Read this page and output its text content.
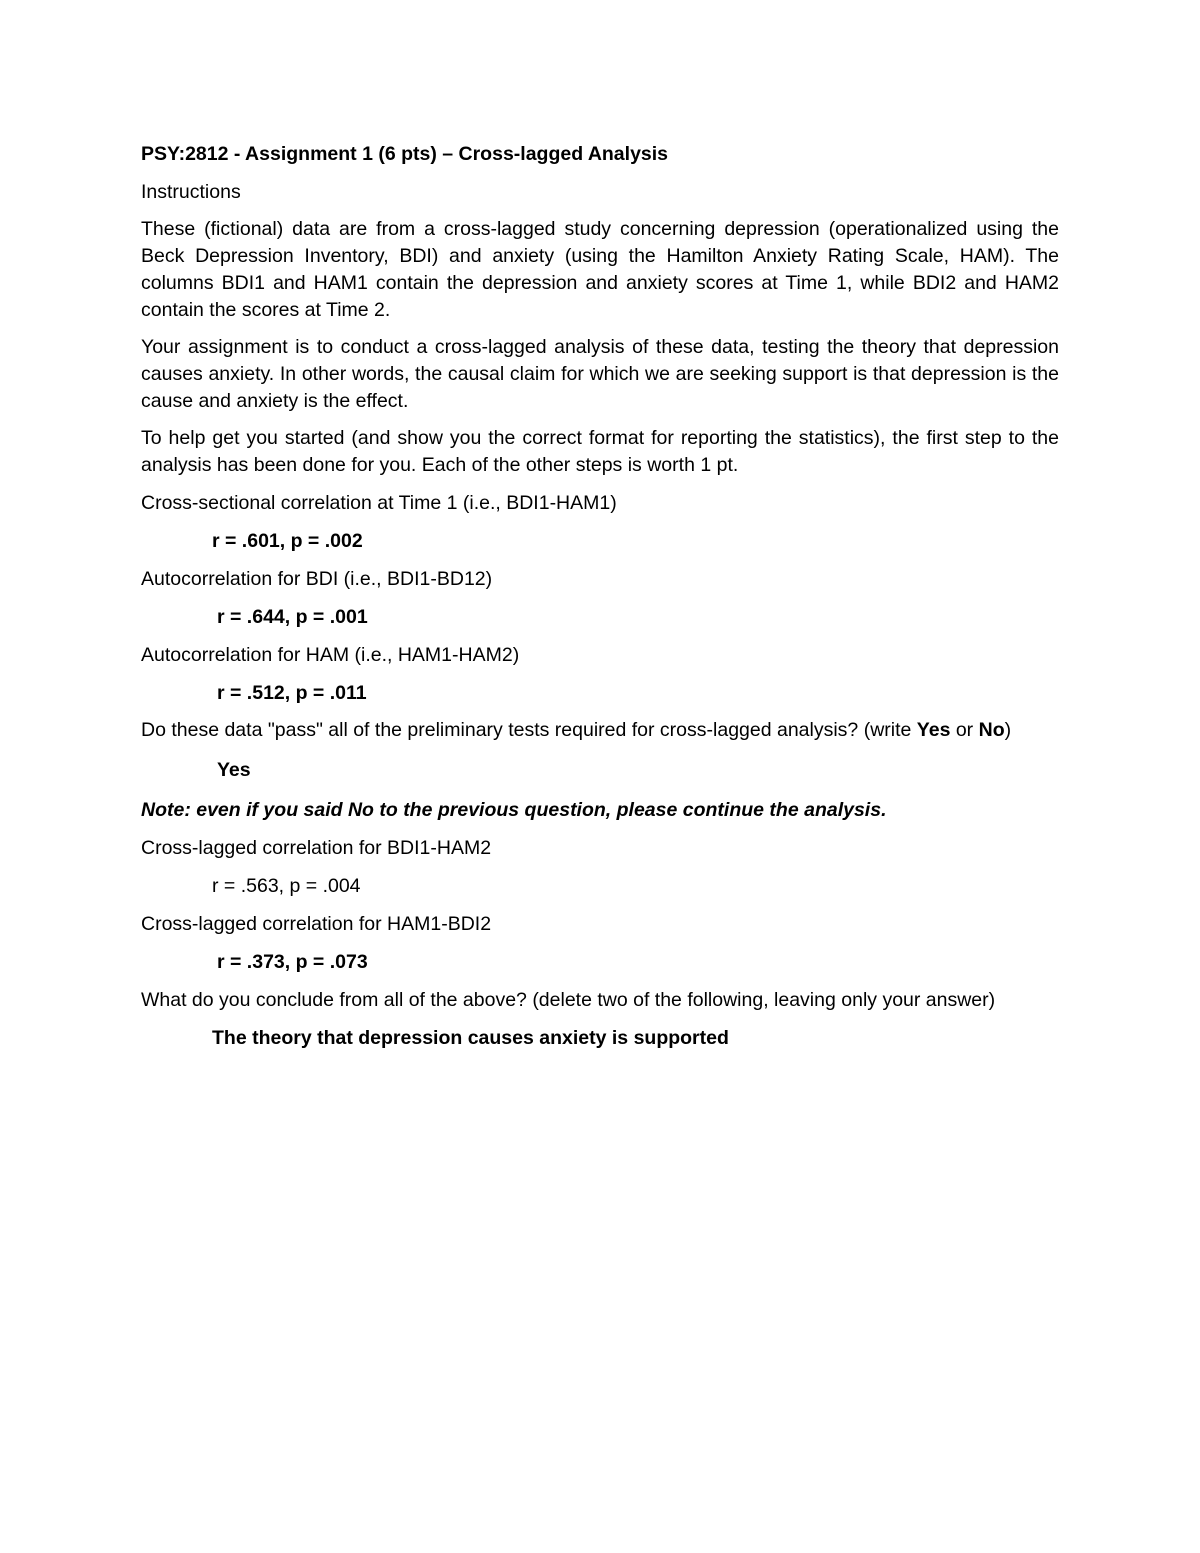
PSY:2812 - Assignment 1 (6 pts) – Cross-lagged Analysis
Instructions
These (fictional) data are from a cross-lagged study concerning depression (operationalized using the Beck Depression Inventory, BDI) and anxiety (using the Hamilton Anxiety Rating Scale, HAM). The columns BDI1 and HAM1 contain the depression and anxiety scores at Time 1, while BDI2 and HAM2 contain the scores at Time 2.
Your assignment is to conduct a cross-lagged analysis of these data, testing the theory that depression causes anxiety. In other words, the causal claim for which we are seeking support is that depression is the cause and anxiety is the effect.
To help get you started (and show you the correct format for reporting the statistics), the first step to the analysis has been done for you. Each of the other steps is worth 1 pt.
Cross-sectional correlation at Time 1 (i.e., BDI1-HAM1)
r = .601, p = .002
Autocorrelation for BDI (i.e., BDI1-BD12)
r = .644, p = .001
Autocorrelation for HAM (i.e., HAM1-HAM2)
r = .512, p = .011
Do these data "pass" all of the preliminary tests required for cross-lagged analysis? (write Yes or No)
Yes
Note: even if you said No to the previous question, please continue the analysis.
Cross-lagged correlation for BDI1-HAM2
r = .563, p = .004
Cross-lagged correlation for HAM1-BDI2
r = .373, p = .073
What do you conclude from all of the above? (delete two of the following, leaving only your answer)
The theory that depression causes anxiety is supported
